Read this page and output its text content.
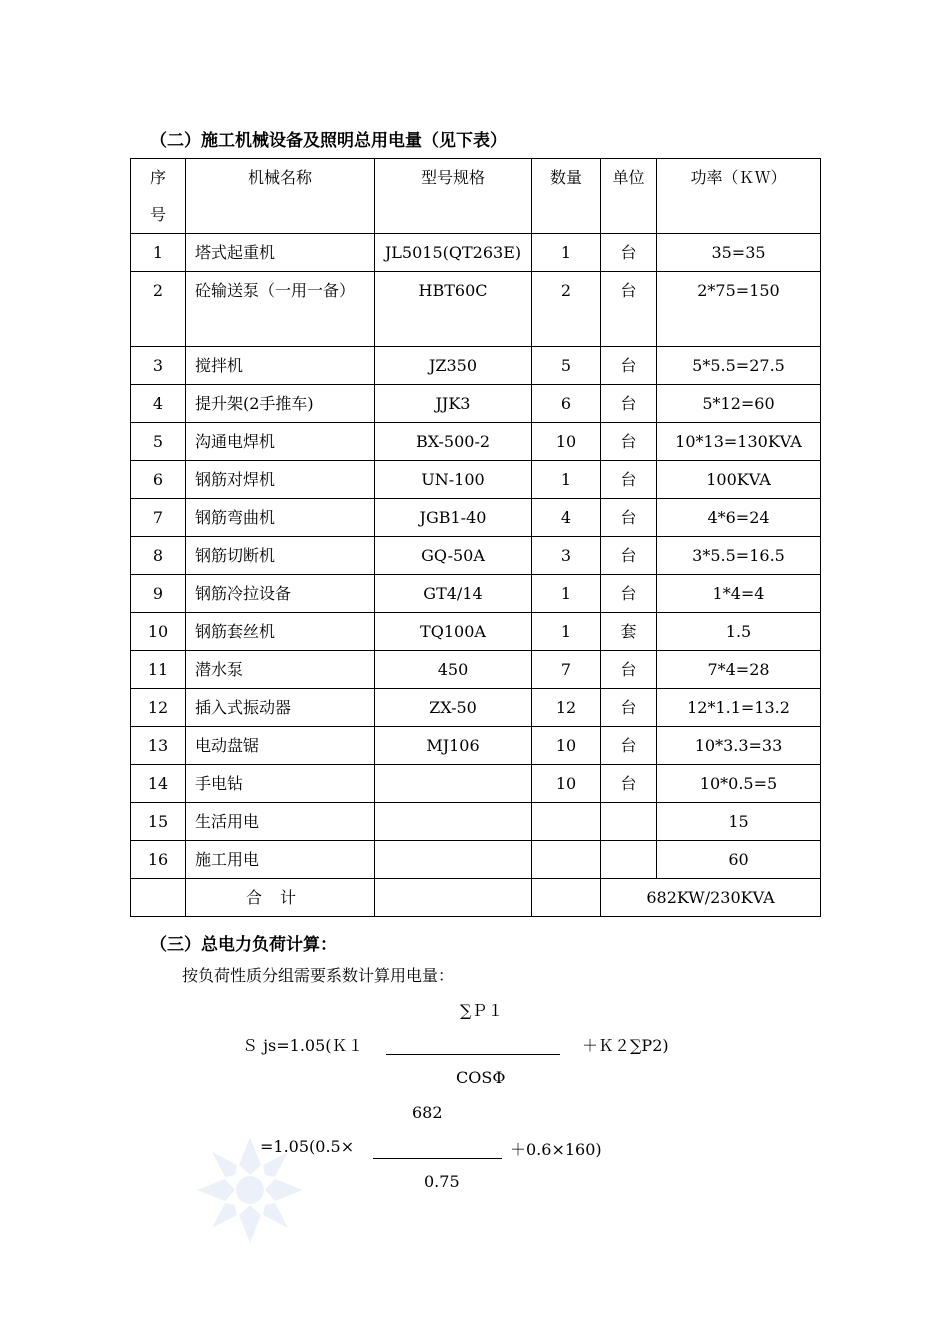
（二）施工机械设备及照明总用电量（见下表）
序号	机械名称	型号规格	数量	单位	功率（ＫＷ）
1	塔式起重机	JL5015(QT263E)	1	台	35=35
2	砼输送泵（一用一备）	HBT60C	2	台	2*75=150
3	搅拌机	JZ350	5	台	5*5.5=27.5
4	提升架(2手推车)	JJK3	6	台	5*12=60
5	沟通电焊机	BX-500-2	10	台	10*13=130KVA
6	钢筋对焊机	UN-100	1	台	100KVA
7	钢筋弯曲机	JGB1-40	4	台	4*6=24
8	钢筋切断机	GQ-50A	3	台	3*5.5=16.5
9	钢筋冷拉设备	GT4/14	1	台	1*4=4
10	钢筋套丝机	TQ100A	1	套	1.5
11	潜水泵	450	7	台	7*4=28
12	插入式振动器	ZX-50	12	台	12*1.1=13.2
13	电动盘锯	MJ106	10	台	10*3.3=33
14	手电钻		10	台	10*0.5=5
15	生活用电				15
16	施工用电				60
	合计			682KW/230KVA	
（三）总电力负荷计算：
按负荷性质分组需要系数计算用电量：
∑Ｐ１
Ｓ js=1.05(Ｋ１	＋Ｋ２∑P2)
COSΦ
682
=1.05(0.5×	＋0.6×160)
0.75
